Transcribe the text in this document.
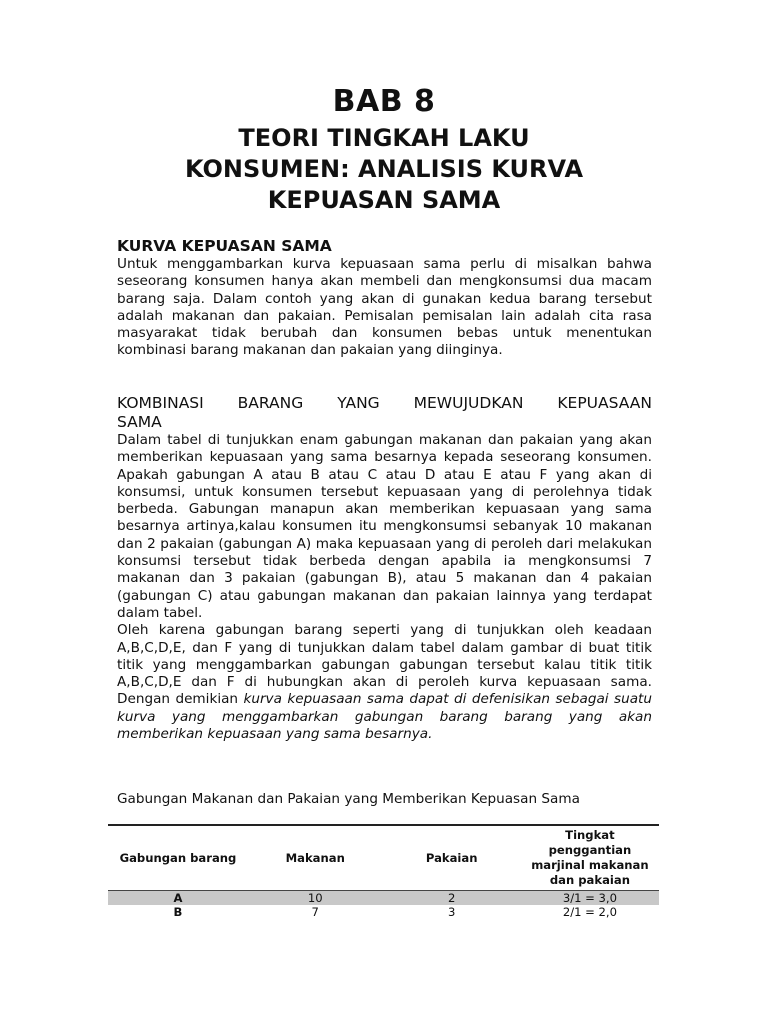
BAB 8
TEORI TINGKAH LAKU
KONSUMEN: ANALISIS KURVA
KEPUASAN SAMA
KURVA KEPUASAN SAMA

Untuk menggambarkan kurva kepuasaan sama perlu di misalkan bahwa seseorang konsumen hanya akan membeli dan mengkonsumsi dua macam barang saja. Dalam contoh yang akan di gunakan kedua barang tersebut adalah makanan dan pakaian. Pemisalan pemisalan lain adalah cita rasa masyarakat tidak berubah dan konsumen bebas untuk menentukan kombinasi barang makanan dan pakaian yang diinginya.

KOMBINASI BARANG YANG MEWUJUDKAN KEPUASAAN
SAMA

Dalam tabel di tunjukkan enam gabungan makanan dan pakaian yang akan memberikan kepuasaan yang sama besarnya kepada seseorang konsumen. Apakah gabungan A atau B atau C atau D atau E atau F yang akan di konsumsi, untuk konsumen tersebut kepuasaan yang di perolehnya tidak berbeda. Gabungan manapun akan memberikan kepuasaan yang sama besarnya artinya,kalau konsumen itu mengkonsumsi sebanyak 10 makanan dan 2 pakaian (gabungan A) maka kepuasaan yang di peroleh dari melakukan konsumsi tersebut tidak berbeda dengan apabila ia mengkonsumsi 7 makanan dan 3 pakaian (gabungan B), atau 5 makanan dan 4 pakaian (gabungan C) atau gabungan makanan dan pakaian lainnya yang terdapat dalam tabel.

Oleh karena gabungan barang seperti yang di tunjukkan oleh keadaan A,B,C,D,E, dan F yang di tunjukkan dalam tabel dalam gambar di buat titik titik yang menggambarkan gabungan gabungan tersebut kalau titik titik A,B,C,D,E dan F di hubungkan akan di peroleh kurva kepuasaan sama. Dengan demikian kurva kepuasaan sama dapat di defenisikan sebagai suatu kurva yang menggambarkan gabungan barang barang yang akan memberikan kepuasaan yang sama besarnya.

Gabungan Makanan dan Pakaian yang Memberikan Kepuasan Sama
Gabungan barang	Makanan	Pakaian	Tingkat penggantian marjinal makanan dan pakaian
A	10	2	3/1 = 3,0
B	7	3	2/1 = 2,0
